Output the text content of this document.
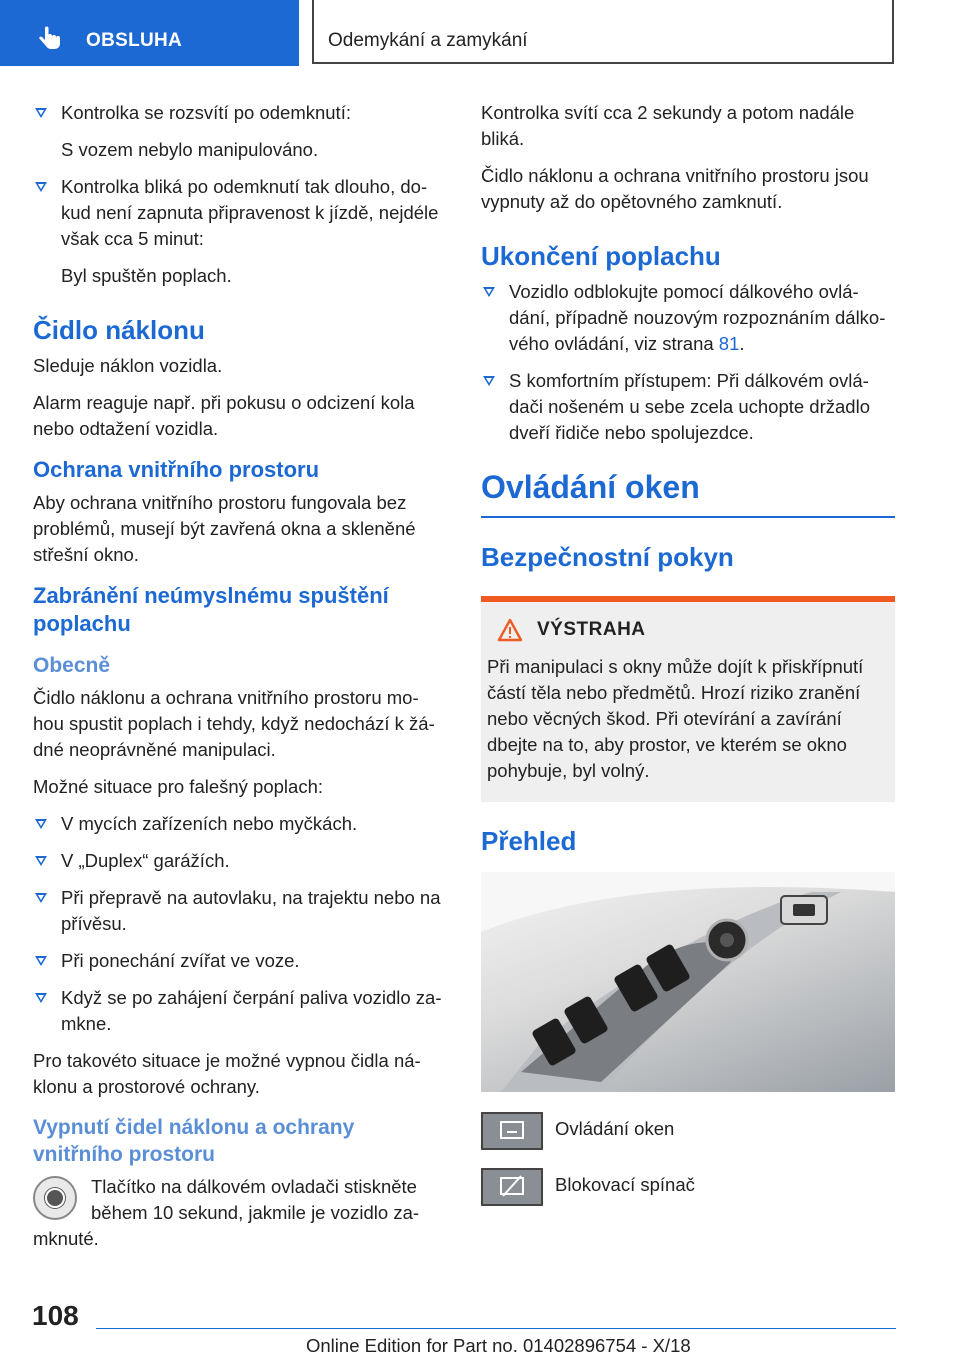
OBSLUHA	Odemykání a zamykání
Kontrolka se rozsvítí po odemknutí:

S vozem nebylo manipulováno.

Kontrolka bliká po odemknutí tak dlouho, do- kud není zapnuta připravenost k jízdě, nejdéle však cca 5 minut:

Byl spuštěn poplach.

Čidlo náklonu

Sleduje náklon vozidla.

Alarm reaguje např. při pokusu o odcizení kola nebo odtažení vozidla.

Ochrana vnitřního prostoru

Aby ochrana vnitřního prostoru fungovala bez problémů, musejí být zavřená okna a skleněné střešní okno.

Zabránění neúmyslnému spuštění poplachu
Obecně

Čidlo náklonu a ochrana vnitřního prostoru mo- hou spustit poplach i tehdy, když nedochází k žá- dné neoprávněné manipulaci.

Možné situace pro falešný poplach:

V mycích zařízeních nebo myčkách.
V „Duplex“ garážích.
Při přepravě na autovlaku, na trajektu nebo na přívěsu.
Při ponechání zvířat ve voze.
Když se po zahájení čerpání paliva vozidlo za- mkne.

Pro takovéto situace je možné vypnou čidla ná- klonu a prostorové ochrany.

Vypnutí čidel náklonu a ochrany vnitřního prostoru

Tlačítko na dálkovém ovladači stiskněte během 10 sekund, jakmile je vozidlo za- mknuté.

Kontrolka svítí cca 2 sekundy a potom nadále bliká.

Čidlo náklonu a ochrana vnitřního prostoru jsou vypnuty až do opětovného zamknutí.

Ukončení poplachu
Vozidlo odblokujte pomocí dálkového ovlá- dání, případně nouzovým rozpoznáním dálko- vého ovládání, viz strana 81.
S komfortním přístupem: Při dálkovém ovlá- dači nošeném u sebe zcela uchopte držadlo dveří řidiče nebo spolujezdce.
Ovládání oken
Bezpečnostní pokyn
VÝSTRAHA

Při manipulaci s okny může dojít k přiskřípnutí částí těla nebo předmětů. Hrozí riziko zranění nebo věcných škod. Při otevírání a zavírání dbejte na to, aby prostor, ve kterém se okno pohybuje, byl volný.

Přehled
Ovládání oken
Blokovací spínač
108
Online Edition for Part no. 01402896754 - X/18
